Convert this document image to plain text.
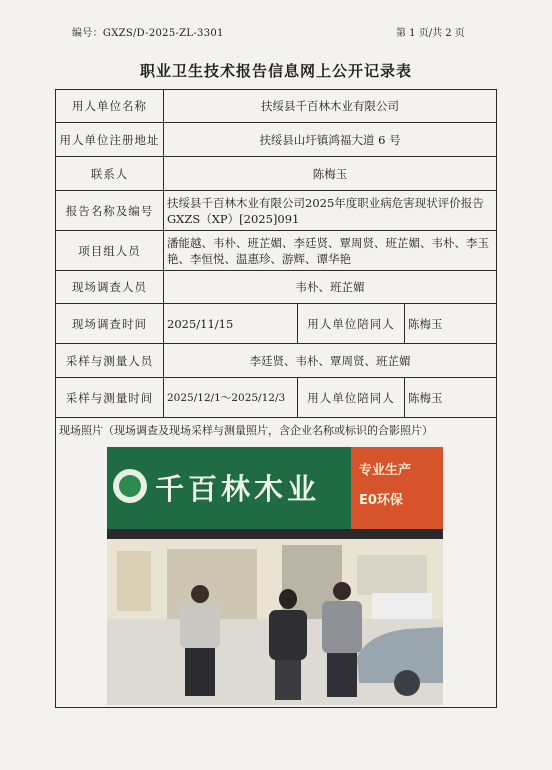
编号：GXZS/D-2025-ZL-3301	第 1 页/共 2 页
职业卫生技术报告信息网上公开记录表
用人单位名称	扶绥县千百林木业有限公司		
用人单位注册地址	扶绥县山圩镇鸿福大道 6 号		
联系人	陈梅玉		
报告名称及编号	扶绥县千百林木业有限公司2025年度职业病危害现状评价报告 GXZS（XP）[2025]091		
项目组人员	潘能越、韦朴、班芷媚、李廷贤、覃周贤、班芷媚、韦朴、李玉艳、李恒悦、温惠珍、游辉、谭华艳		
现场调查人员	韦朴、班芷媚		
现场调查时间	2025/11/15	用人单位陪同人	陈梅玉
采样与测量人员	李廷贤、韦朴、覃周贤、班芷媚		
采样与测量时间	2025/12/1～2025/12/3	用人单位陪同人	陈梅玉

现场照片（现场调查及现场采样与测量照片，含企业名称或标识的合影照片）			
千百林木业
专业生产
E0环保
